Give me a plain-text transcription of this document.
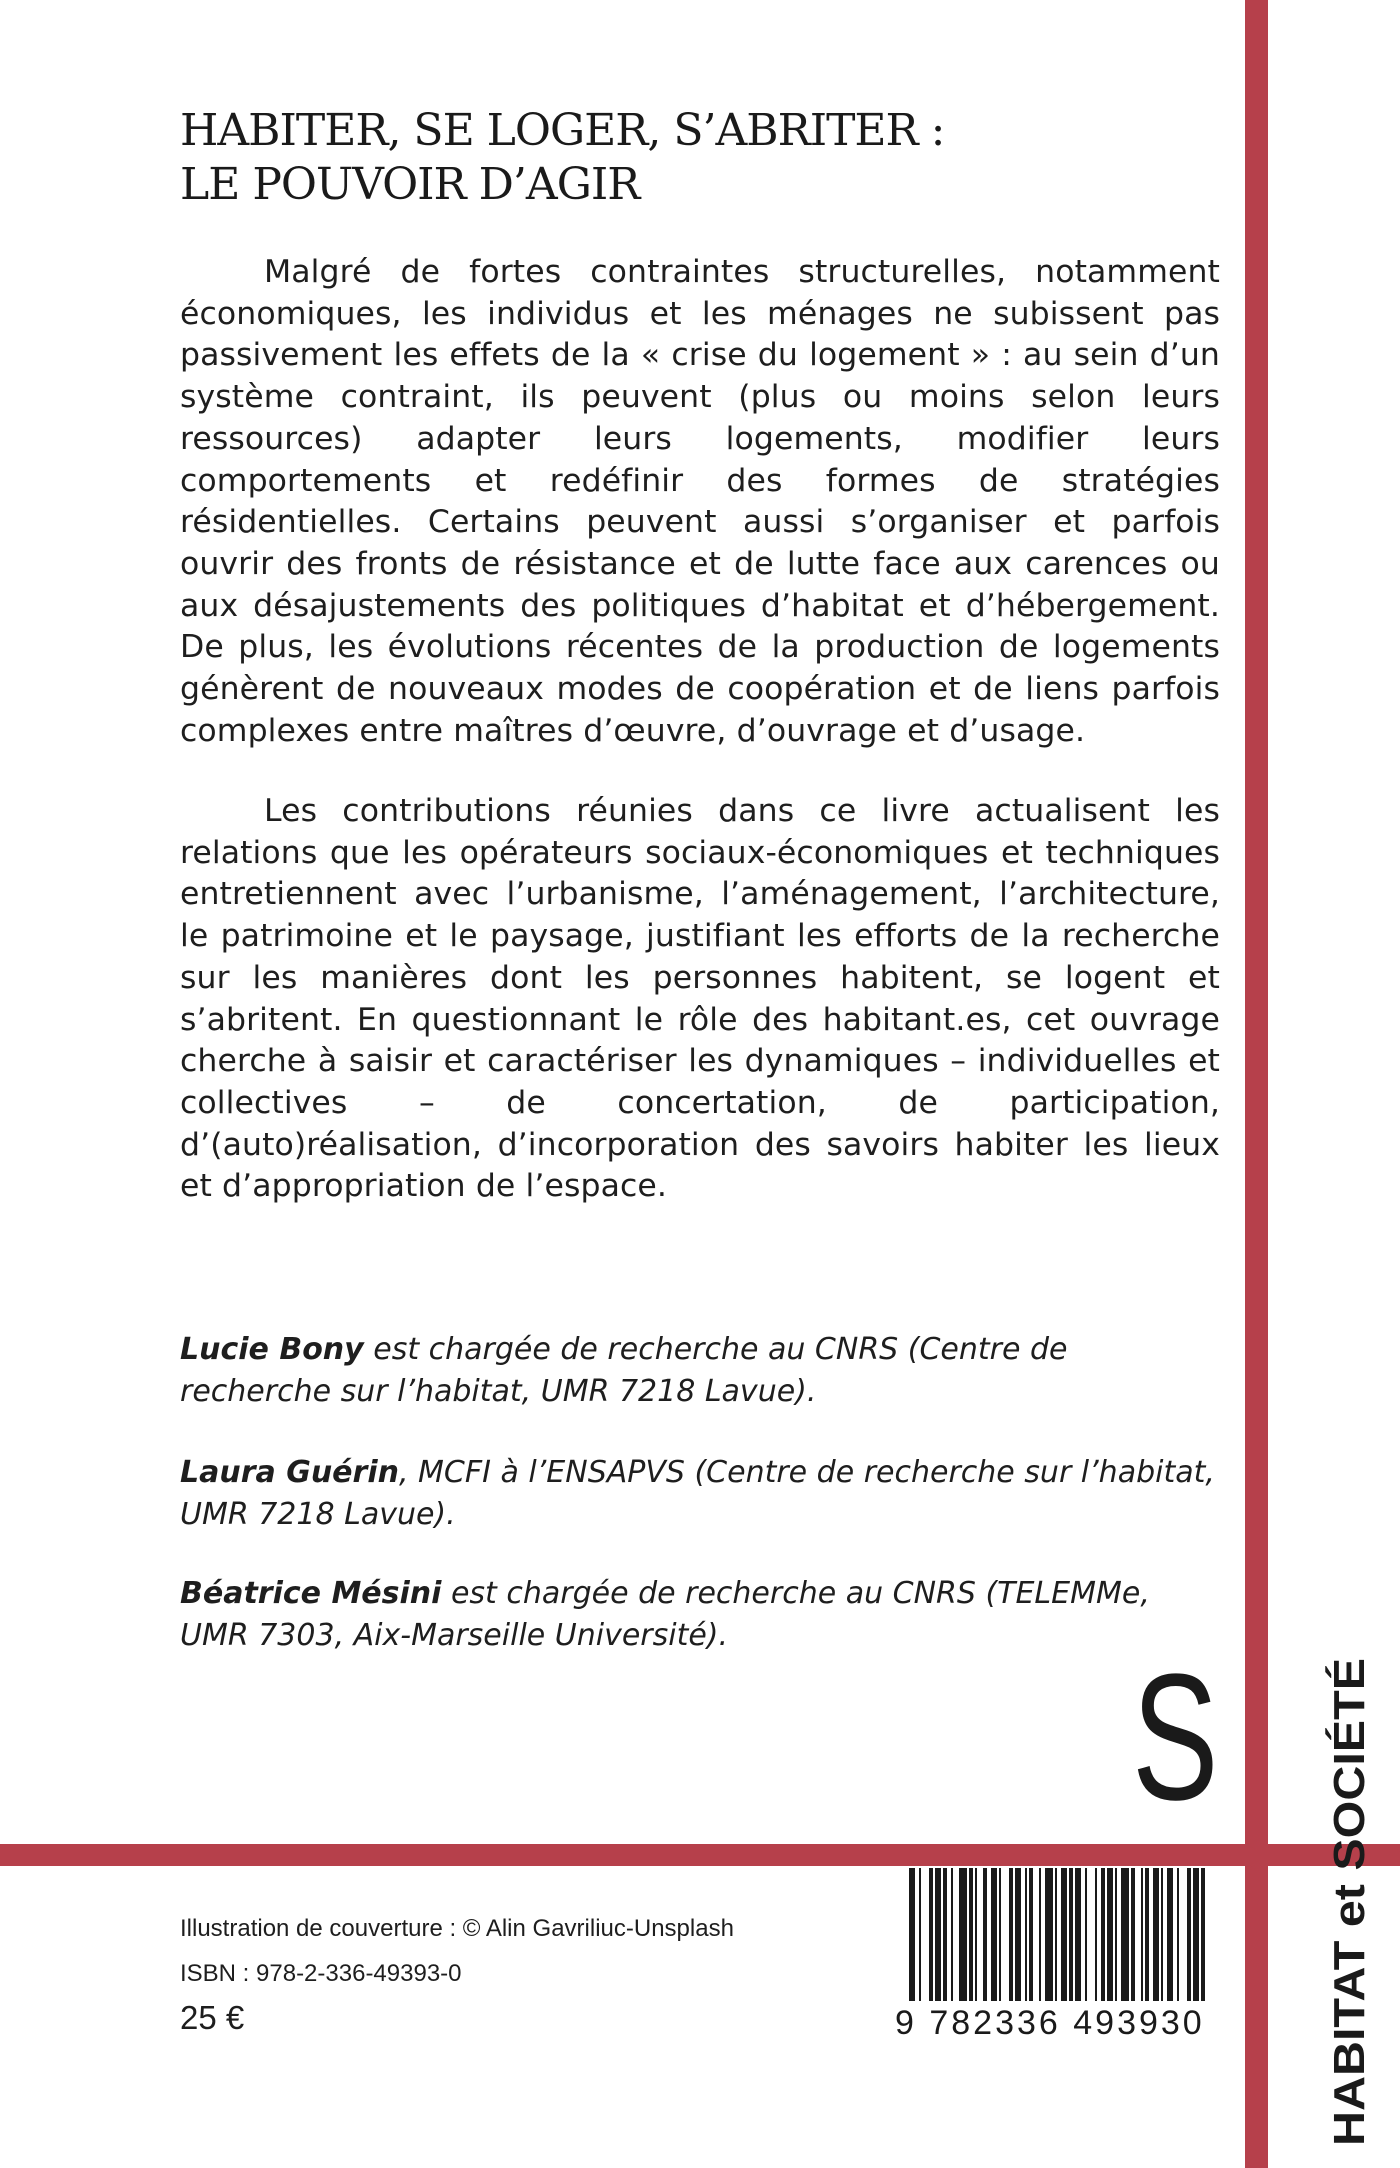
HABITER, SE LOGER, S’ABRITER :
LE POUVOIR D’AGIR

Malgré de fortes contraintes structurelles, notamment économiques, les individus et les ménages ne subissent pas passivement les effets de la « crise du logement » : au sein d’un système contraint, ils peuvent (plus ou moins selon leurs ressources) adapter leurs logements, modifier leurs comportements et redéfinir des formes de stratégies résidentielles. Certains peuvent aussi s’organiser et parfois ouvrir des fronts de résistance et de lutte face aux carences ou aux désajustements des politiques d’habitat et d’hébergement. De plus, les évolutions récentes de la production de logements génèrent de nouveaux modes de coopération et de liens parfois complexes entre maîtres d’œuvre, d’ouvrage et d’usage.

Les contributions réunies dans ce livre actualisent les relations que les opérateurs sociaux-économiques et techniques entretiennent avec l’urbanisme, l’aménagement, l’architecture, le patrimoine et le paysage, justifiant les efforts de la recherche sur les manières dont les personnes habitent, se logent et s’abritent. En questionnant le rôle des habitant.es, cet ouvrage cherche à saisir et caractériser les dynamiques – individuelles et collectives – de concertation, de participation, d’(auto)réalisation, d’incorporation des savoirs habiter les lieux et d’appropriation de l’espace.

Lucie Bony est chargée de recherche au CNRS (Centre de recherche sur l’habitat, UMR 7218 Lavue).

Laura Guérin, MCFI à l’ENSAPVS (Centre de recherche sur l’habitat, UMR 7218 Lavue).

Béatrice Mésini est chargée de recherche au CNRS (TELEMMe, UMR 7303, Aix-Marseille Université).

S HABITAT et SOCIÉTÉ
Illustration de couverture : © Alin Gavriliuc-Unsplash
ISBN : 978-2-336-49393-0
25 €	9 782336 493930
